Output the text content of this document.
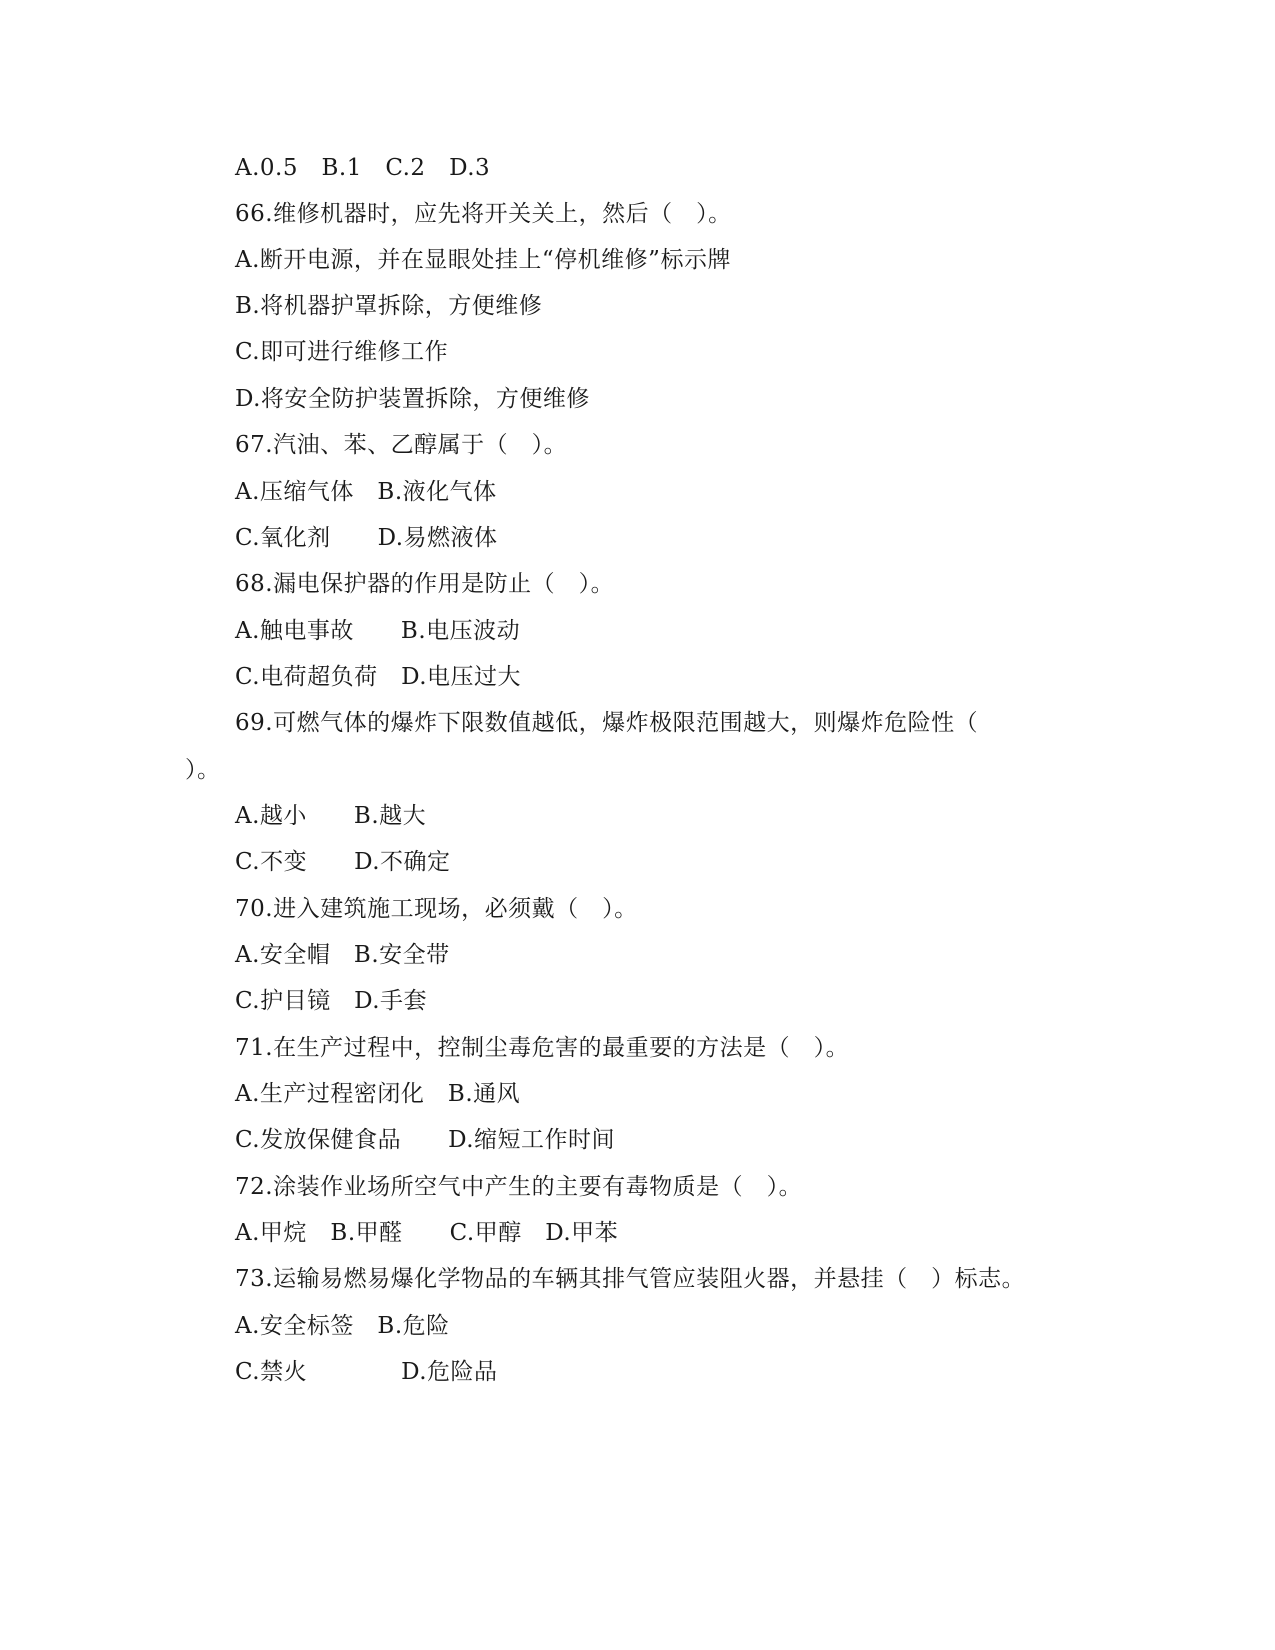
A.0.5　B.1　C.2　D.3
66.维修机器时，应先将开关关上，然后（　）。
A.断开电源，并在显眼处挂上“停机维修”标示牌
B.将机器护罩拆除，方便维修
C.即可进行维修工作
D.将安全防护装置拆除，方便维修
67.汽油、苯、乙醇属于（　）。
A.压缩气体　B.液化气体
C.氧化剂　　D.易燃液体
68.漏电保护器的作用是防止（　）。
A.触电事故　　B.电压波动
C.电荷超负荷　D.电压过大
69.可燃气体的爆炸下限数值越低，爆炸极限范围越大，则爆炸危险性（
）。
A.越小　　B.越大
C.不变　　D.不确定
70.进入建筑施工现场，必须戴（　）。
A.安全帽　B.安全带
C.护目镜　D.手套
71.在生产过程中，控制尘毒危害的最重要的方法是（　）。
A.生产过程密闭化　B.通风
C.发放保健食品　　D.缩短工作时间
72.涂装作业场所空气中产生的主要有毒物质是（　）。
A.甲烷　B.甲醛　　C.甲醇　D.甲苯
73.运输易燃易爆化学物品的车辆其排气管应装阻火器，并悬挂（　）标志。
A.安全标签　B.危险
C.禁火　　　　D.危险品
